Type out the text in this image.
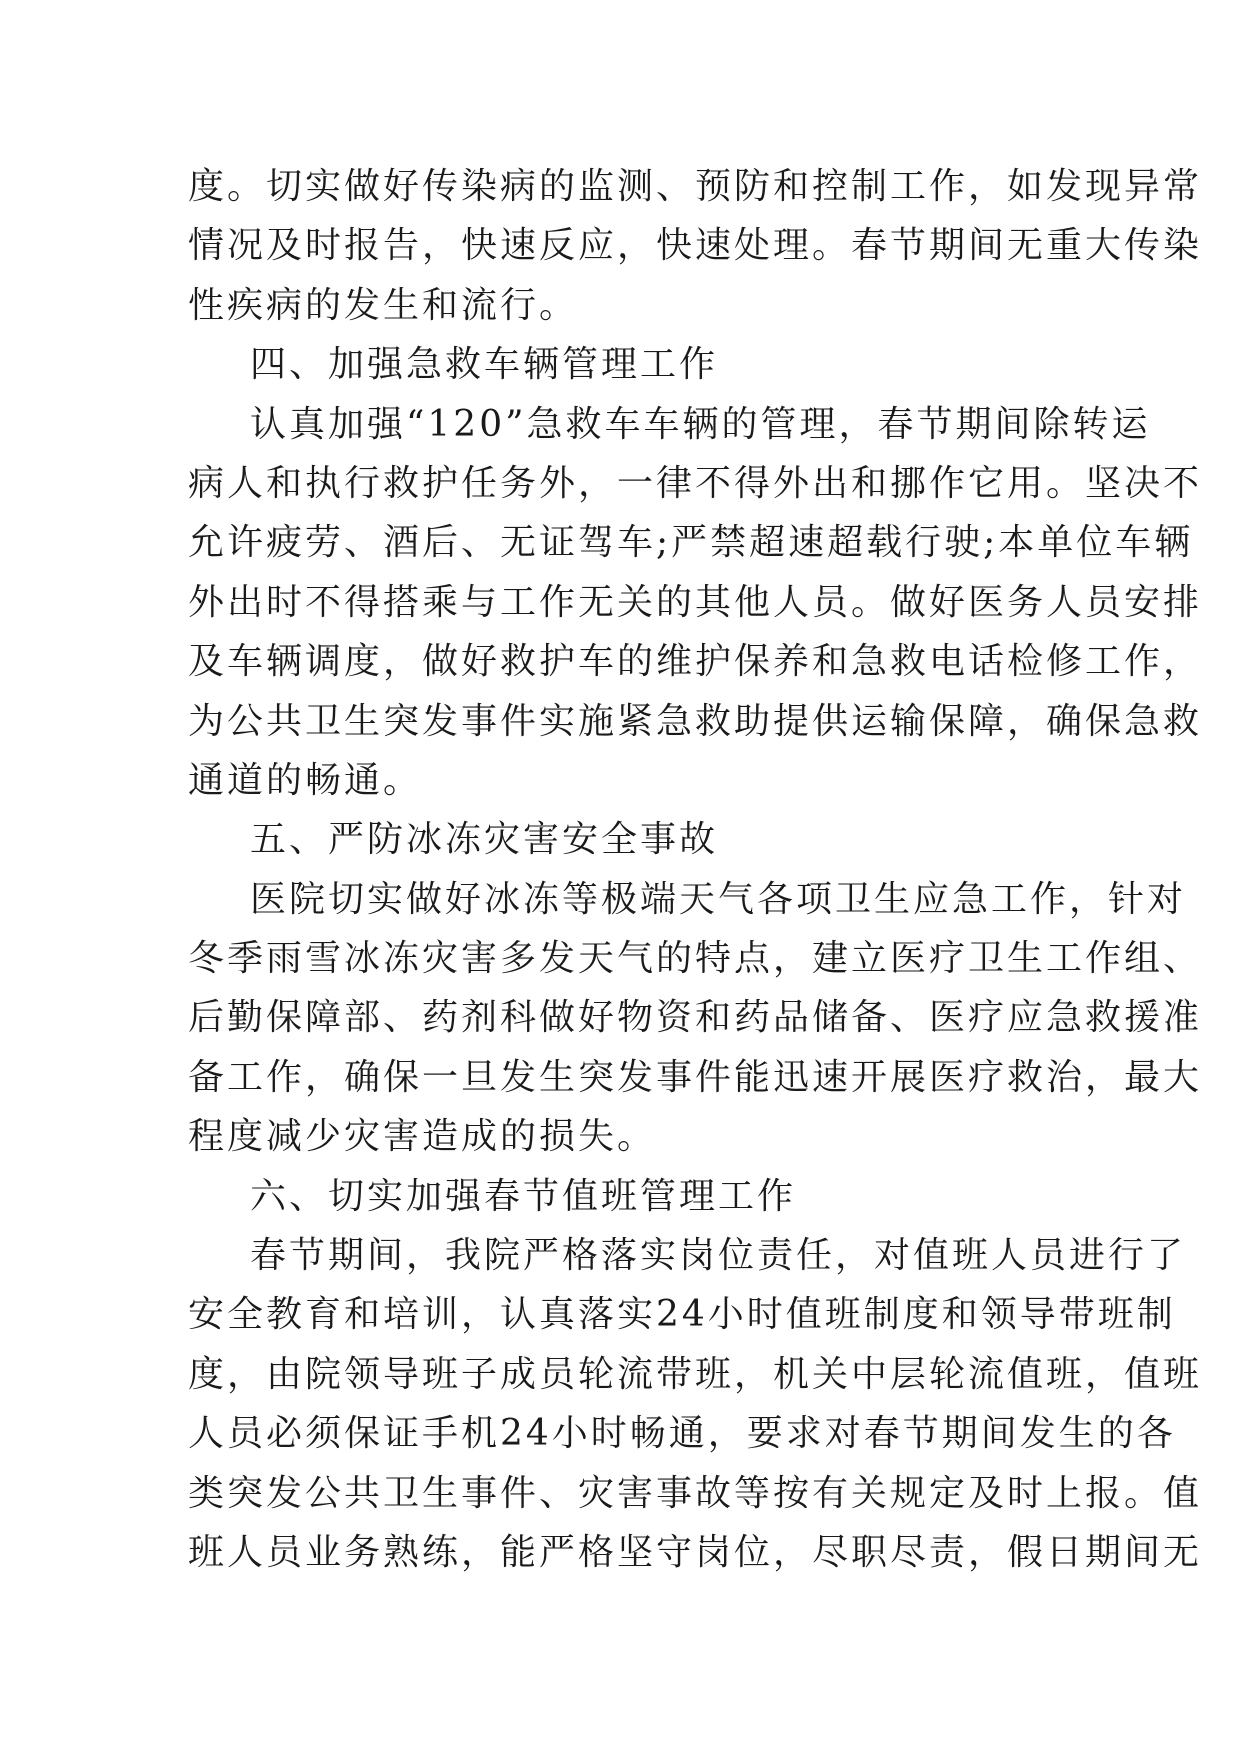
度。切实做好传染病的监测、预防和控制工作，如发现异常
情况及时报告，快速反应，快速处理。春节期间无重大传染
性疾病的发生和流行。
四、加强急救车辆管理工作
认真加强“120”急救车车辆的管理，春节期间除转运
病人和执行救护任务外，一律不得外出和挪作它用。坚决不
允许疲劳、酒后、无证驾车;严禁超速超载行驶;本单位车辆
外出时不得搭乘与工作无关的其他人员。做好医务人员安排
及车辆调度，做好救护车的维护保养和急救电话检修工作，
为公共卫生突发事件实施紧急救助提供运输保障，确保急救
通道的畅通。
五、严防冰冻灾害安全事故
医院切实做好冰冻等极端天气各项卫生应急工作，针对
冬季雨雪冰冻灾害多发天气的特点，建立医疗卫生工作组、
后勤保障部、药剂科做好物资和药品储备、医疗应急救援准
备工作，确保一旦发生突发事件能迅速开展医疗救治，最大
程度减少灾害造成的损失。
六、切实加强春节值班管理工作
春节期间，我院严格落实岗位责任，对值班人员进行了
安全教育和培训，认真落实24小时值班制度和领导带班制
度，由院领导班子成员轮流带班，机关中层轮流值班，值班
人员必须保证手机24小时畅通，要求对春节期间发生的各
类突发公共卫生事件、灾害事故等按有关规定及时上报。值
班人员业务熟练，能严格坚守岗位，尽职尽责，假日期间无
